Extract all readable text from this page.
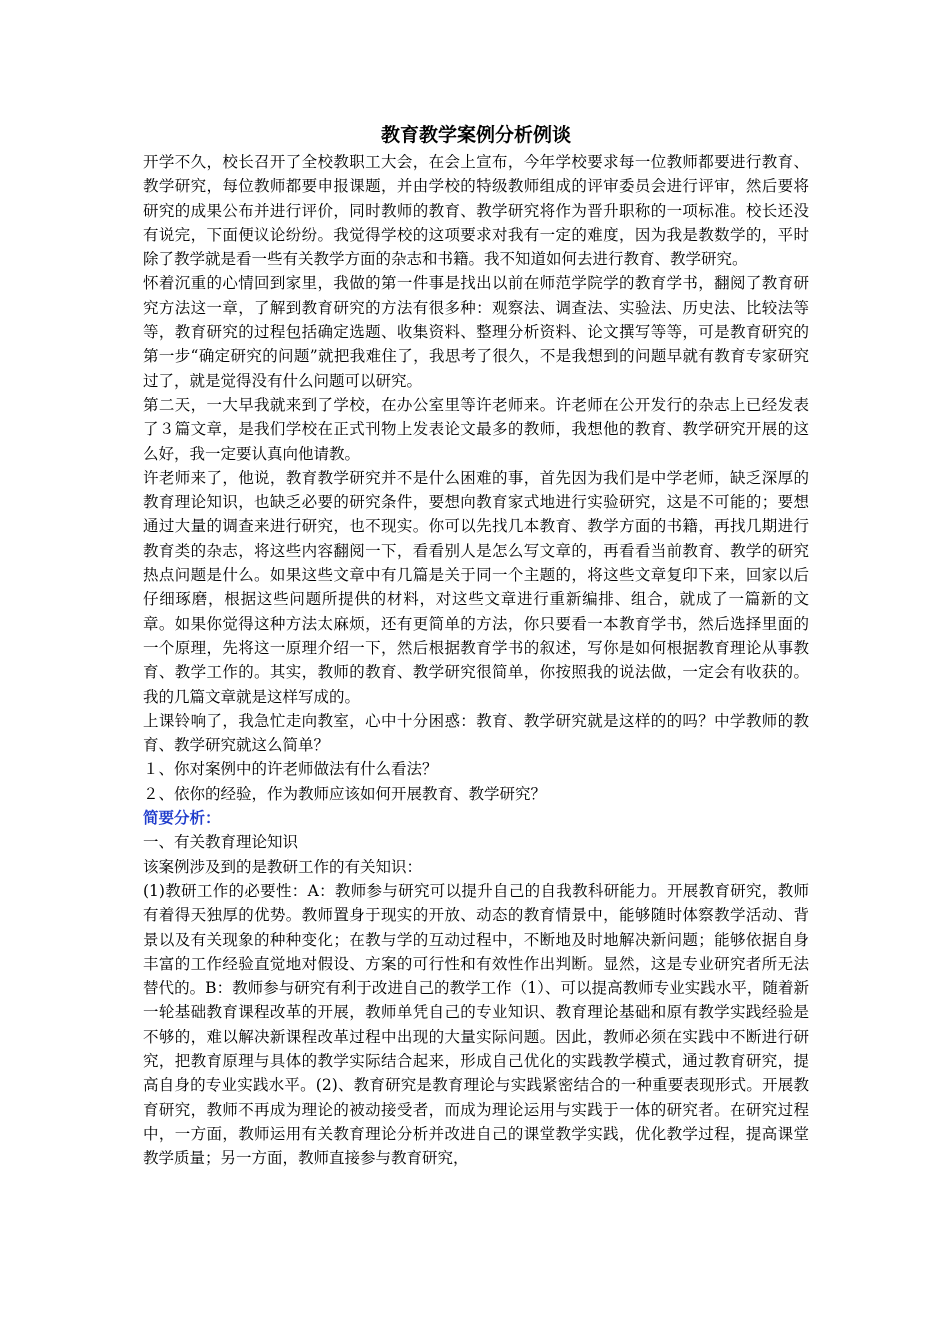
教育教学案例分析例谈

开学不久，校长召开了全校教职工大会，在会上宣布，今年学校要求每一位教师都要进行教育、教学研究，每位教师都要申报课题，并由学校的特级教师组成的评审委员会进行评审，然后要将研究的成果公布并进行评价，同时教师的教育、教学研究将作为晋升职称的一项标准。校长还没有说完，下面便议论纷纷。我觉得学校的这项要求对我有一定的难度，因为我是教数学的，平时除了教学就是看一些有关教学方面的杂志和书籍。我不知道如何去进行教育、教学研究。

怀着沉重的心情回到家里，我做的第一件事是找出以前在师范学院学的教育学书，翻阅了教育研究方法这一章，了解到教育研究的方法有很多种：观察法、调查法、实验法、历史法、比较法等等，教育研究的过程包括确定选题、收集资料、整理分析资料、论文撰写等等，可是教育研究的第一步“确定研究的问题”就把我难住了，我思考了很久，不是我想到的问题早就有教育专家研究过了，就是觉得没有什么问题可以研究。

第二天，一大早我就来到了学校，在办公室里等许老师来。许老师在公开发行的杂志上已经发表了３篇文章，是我们学校在正式刊物上发表论文最多的教师，我想他的教育、教学研究开展的这么好，我一定要认真向他请教。

许老师来了，他说，教育教学研究并不是什么困难的事，首先因为我们是中学老师，缺乏深厚的教育理论知识，也缺乏必要的研究条件，要想向教育家式地进行实验研究，这是不可能的；要想通过大量的调查来进行研究，也不现实。你可以先找几本教育、教学方面的书籍，再找几期进行教育类的杂志，将这些内容翻阅一下，看看别人是怎么写文章的，再看看当前教育、教学的研究热点问题是什么。如果这些文章中有几篇是关于同一个主题的，将这些文章复印下来，回家以后仔细琢磨，根据这些问题所提供的材料，对这些文章进行重新编排、组合，就成了一篇新的文章。如果你觉得这种方法太麻烦，还有更简单的方法，你只要看一本教育学书，然后选择里面的一个原理，先将这一原理介绍一下，然后根据教育学书的叙述，写你是如何根据教育理论从事教育、教学工作的。其实，教师的教育、教学研究很简单，你按照我的说法做，一定会有收获的。我的几篇文章就是这样写成的。

上课铃响了，我急忙走向教室，心中十分困惑：教育、教学研究就是这样的的吗？中学教师的教育、教学研究就这么简单？

１、你对案例中的许老师做法有什么看法？

２、依你的经验，作为教师应该如何开展教育、教学研究？

简要分析：

一、有关教育理论知识

该案例涉及到的是教研工作的有关知识：

(1)教研工作的必要性：A：教师参与研究可以提升自己的自我教科研能力。开展教育研究，教师有着得天独厚的优势。教师置身于现实的开放、动态的教育情景中，能够随时体察教学活动、背景以及有关现象的种种变化；在教与学的互动过程中，不断地及时地解决新问题；能够依据自身丰富的工作经验直觉地对假设、方案的可行性和有效性作出判断。显然，这是专业研究者所无法替代的。B：教师参与研究有利于改进自己的教学工作（1）、可以提高教师专业实践水平，随着新一轮基础教育课程改革的开展，教师单凭自己的专业知识、教育理论基础和原有教学实践经验是不够的，难以解决新课程改革过程中出现的大量实际问题。因此，教师必须在实践中不断进行研究，把教育原理与具体的教学实际结合起来，形成自己优化的实践教学模式，通过教育研究，提高自身的专业实践水平。(2)、教育研究是教育理论与实践紧密结合的一种重要表现形式。开展教育研究，教师不再成为理论的被动接受者，而成为理论运用与实践于一体的研究者。在研究过程中，一方面，教师运用有关教育理论分析并改进自己的课堂教学实践，优化教学过程，提高课堂教学质量；另一方面，教师直接参与教育研究，
